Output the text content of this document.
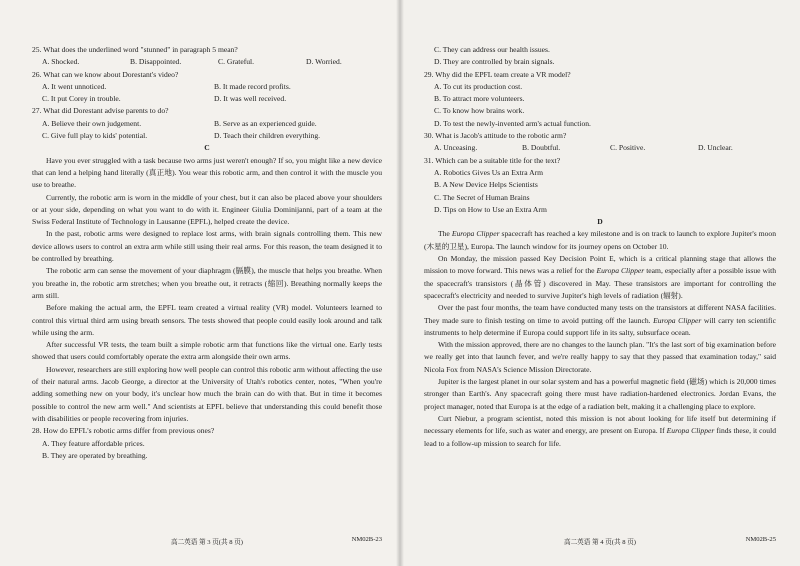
25. What does the underlined word "stunned" in paragraph 5 mean?

A. Shocked.	B. Disappointed.	C. Grateful.	D. Worried.

26. What can we know about Dorestant's video?

A. It went unnoticed.	B. It made record profits.
C. It put Corey in trouble.	D. It was well received.

27. What did Dorestant advise parents to do?

A. Believe their own judgement.	B. Serve as an experienced guide.
C. Give full play to kids' potential.	D. Teach their children everything.

C

Have you ever struggled with a task because two arms just weren't enough? If so, you might like a new device that can lend a helping hand literally (真正地). You wear this robotic arm, and then control it with the muscle you use to breathe.

Currently, the robotic arm is worn in the middle of your chest, but it can also be placed above your shoulders or at your side, depending on what you want to do with it. Engineer Giulia Dominijanni, part of a team at the Swiss Federal Institute of Technology in Lausanne (EPFL), helped create the device.

In the past, robotic arms were designed to replace lost arms, with brain signals controlling them. This new device allows users to control an extra arm while still using their real arms. For this reason, the team designed it to be controlled by breathing.

The robotic arm can sense the movement of your diaphragm (膈膜), the muscle that helps you breathe. When you breathe in, the robotic arm stretches; when you breathe out, it retracts (缩回). Breathing normally keeps the arm still.

Before making the actual arm, the EPFL team created a virtual reality (VR) model. Volunteers learned to control this virtual third arm using breath sensors. The tests showed that people could easily look around and talk while using the arm.

After successful VR tests, the team built a simple robotic arm that functions like the virtual one. Early tests showed that users could comfortably operate the extra arm alongside their own arms.

However, researchers are still exploring how well people can control this robotic arm without affecting the use of their natural arms. Jacob George, a director at the University of Utah's robotics center, notes, "When you're adding something new on your body, it's unclear how much the brain can do with that. But in time it becomes possible to control the new arm well." And scientists at EPFL believe that understanding this could benefit those with disabilities or people recovering from injuries.

28. How do EPFL's robotic arms differ from previous ones?

A. They feature affordable prices.
B. They are operated by breathing.
高二英语 第 3 页(共 8 页)	NM02B-23
C. They can address our health issues.
D. They are controlled by brain signals.

29. Why did the EPFL team create a VR model?

A. To cut its production cost.
B. To attract more volunteers.
C. To know how brains work.
D. To test the newly-invented arm's actual function.

30. What is Jacob's attitude to the robotic arm?

A. Unceasing.	B. Doubtful.	C. Positive.	D. Unclear.

31. Which can be a suitable title for the text?

A. Robotics Gives Us an Extra Arm
B. A New Device Helps Scientists
C. The Secret of Human Brains
D. Tips on How to Use an Extra Arm

D

The Europa Clipper spacecraft has reached a key milestone and is on track to launch to explore Jupiter's moon (木星的卫星), Europa. The launch window for its journey opens on October 10.

On Monday, the mission passed Key Decision Point E, which is a critical planning stage that allows the mission to move forward. This news was a relief for the Europa Clipper team, especially after a possible issue with the spacecraft's transistors (晶体管) discovered in May. These transistors are important for controlling the spacecraft's electricity and needed to survive Jupiter's high levels of radiation (辐射).

Over the past four months, the team have conducted many tests on the transistors at different NASA facilities. They made sure to finish testing on time to avoid putting off the launch. Europa Clipper will carry ten scientific instruments to help determine if Europa could support life in its salty, subsurface ocean.

With the mission approved, there are no changes to the launch plan. "It's the last sort of big examination before we really get into that launch fever, and we're really happy to say that they passed that examination today," said Nicola Fox from NASA's Science Mission Directorate.

Jupiter is the largest planet in our solar system and has a powerful magnetic field (磁场) which is 20,000 times stronger than Earth's. Any spacecraft going there must have radiation-hardened electronics. Jordan Evans, the project manager, noted that Europa is at the edge of a radiation belt, making it a challenging place to explore.

Curt Niebur, a program scientist, noted this mission is not about looking for life itself but determining if necessary elements for life, such as water and energy, are present on Europa. If Europa Clipper finds these, it could lead to a follow-up mission to search for life.

高二英语 第 4 页(共 8 页)	NM02B-25
